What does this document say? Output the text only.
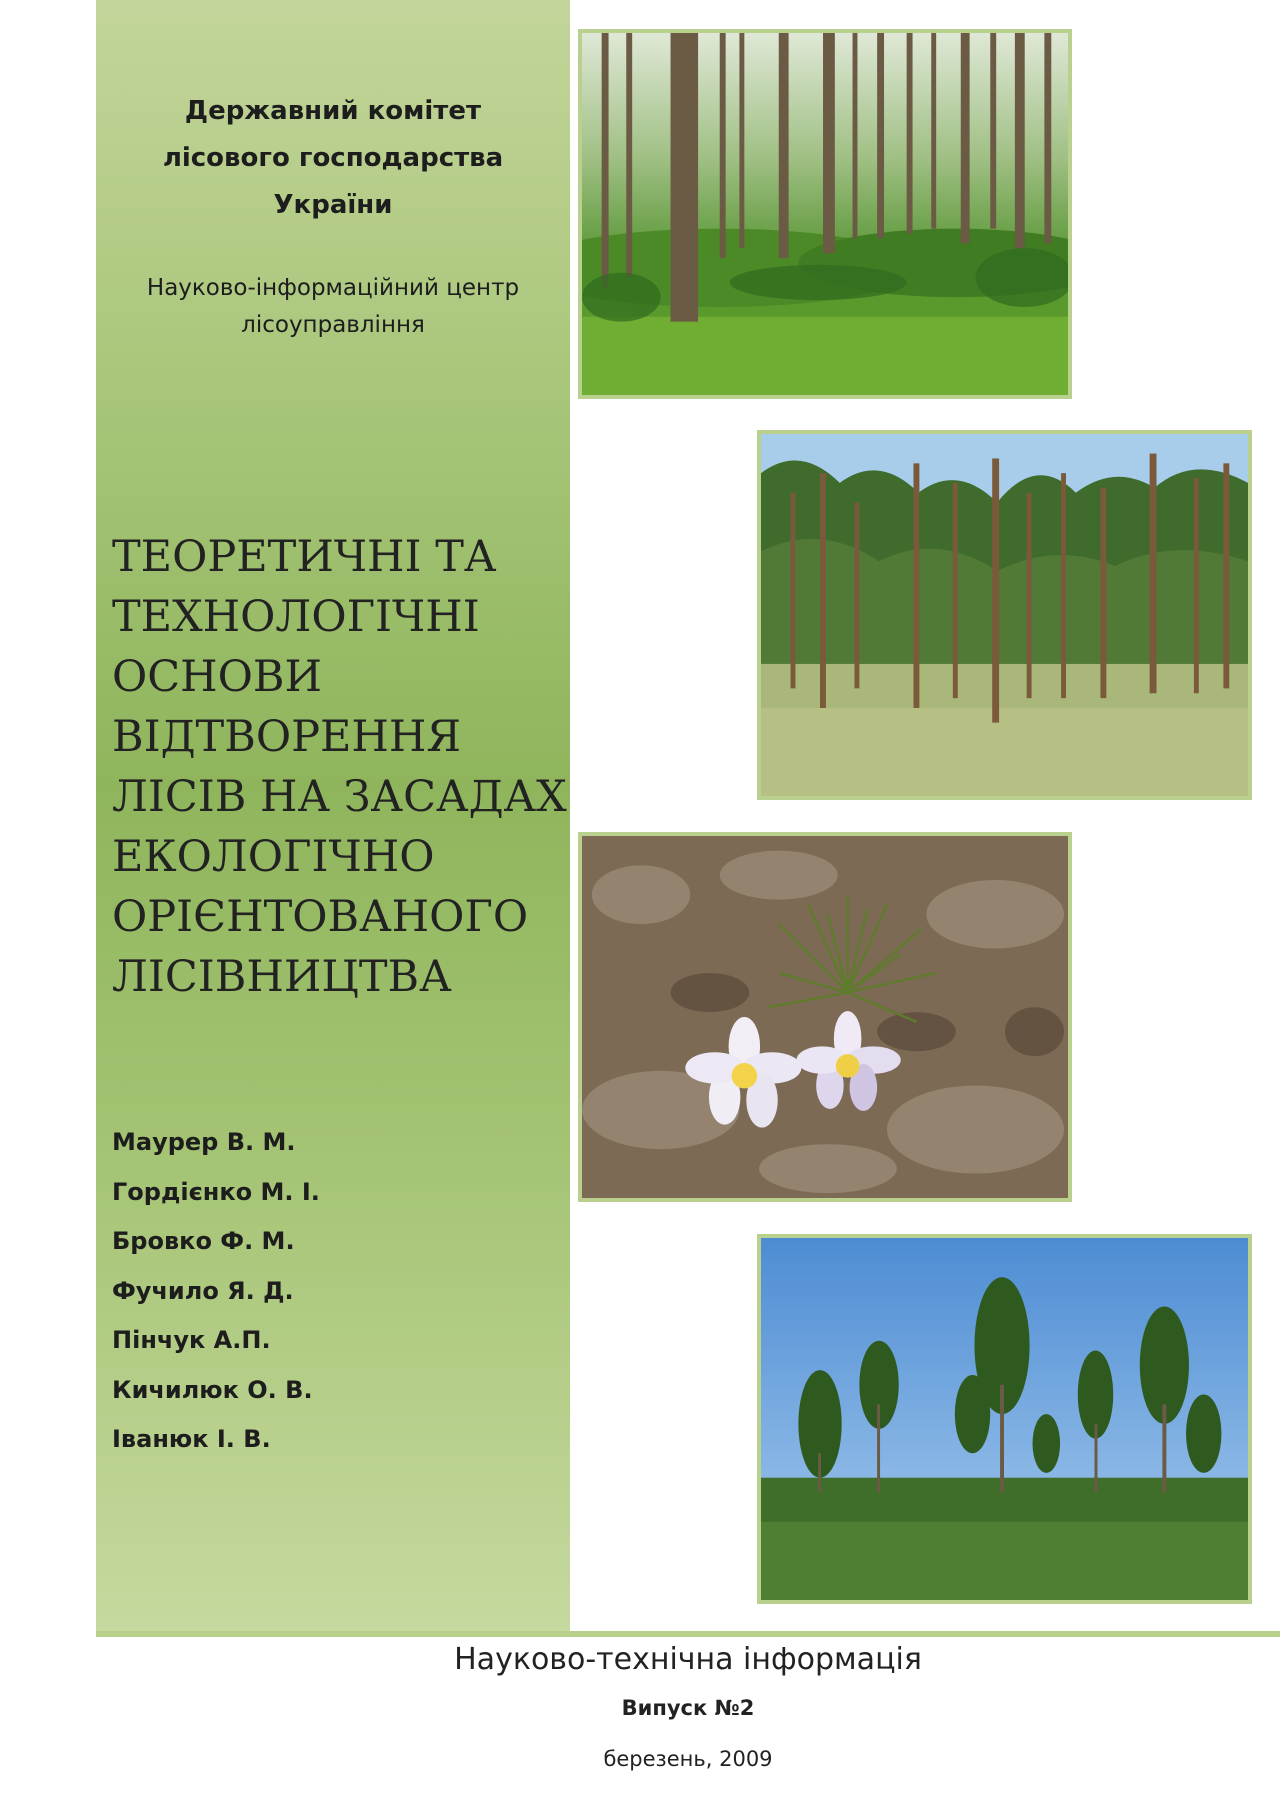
Державний комітет
лісового господарства
України
Науково-інформаційний центр
лісоуправління
ТЕОРЕТИЧНІ ТА
ТЕХНОЛОГІЧНІ
ОСНОВИ
ВІДТВОРЕННЯ
ЛІСІВ НА ЗАСАДАХ
ЕКОЛОГІЧНО
ОРІЄНТОВАНОГО
ЛІСІВНИЦТВА
Маурер В. М.
Гордієнко М. І.
Бровко Ф. М.
Фучило Я. Д.
Пінчук А.П.
Кичилюк О. В.
Іванюк І. В.
Науково-технічна інформація
Випуск №2
березень, 2009
